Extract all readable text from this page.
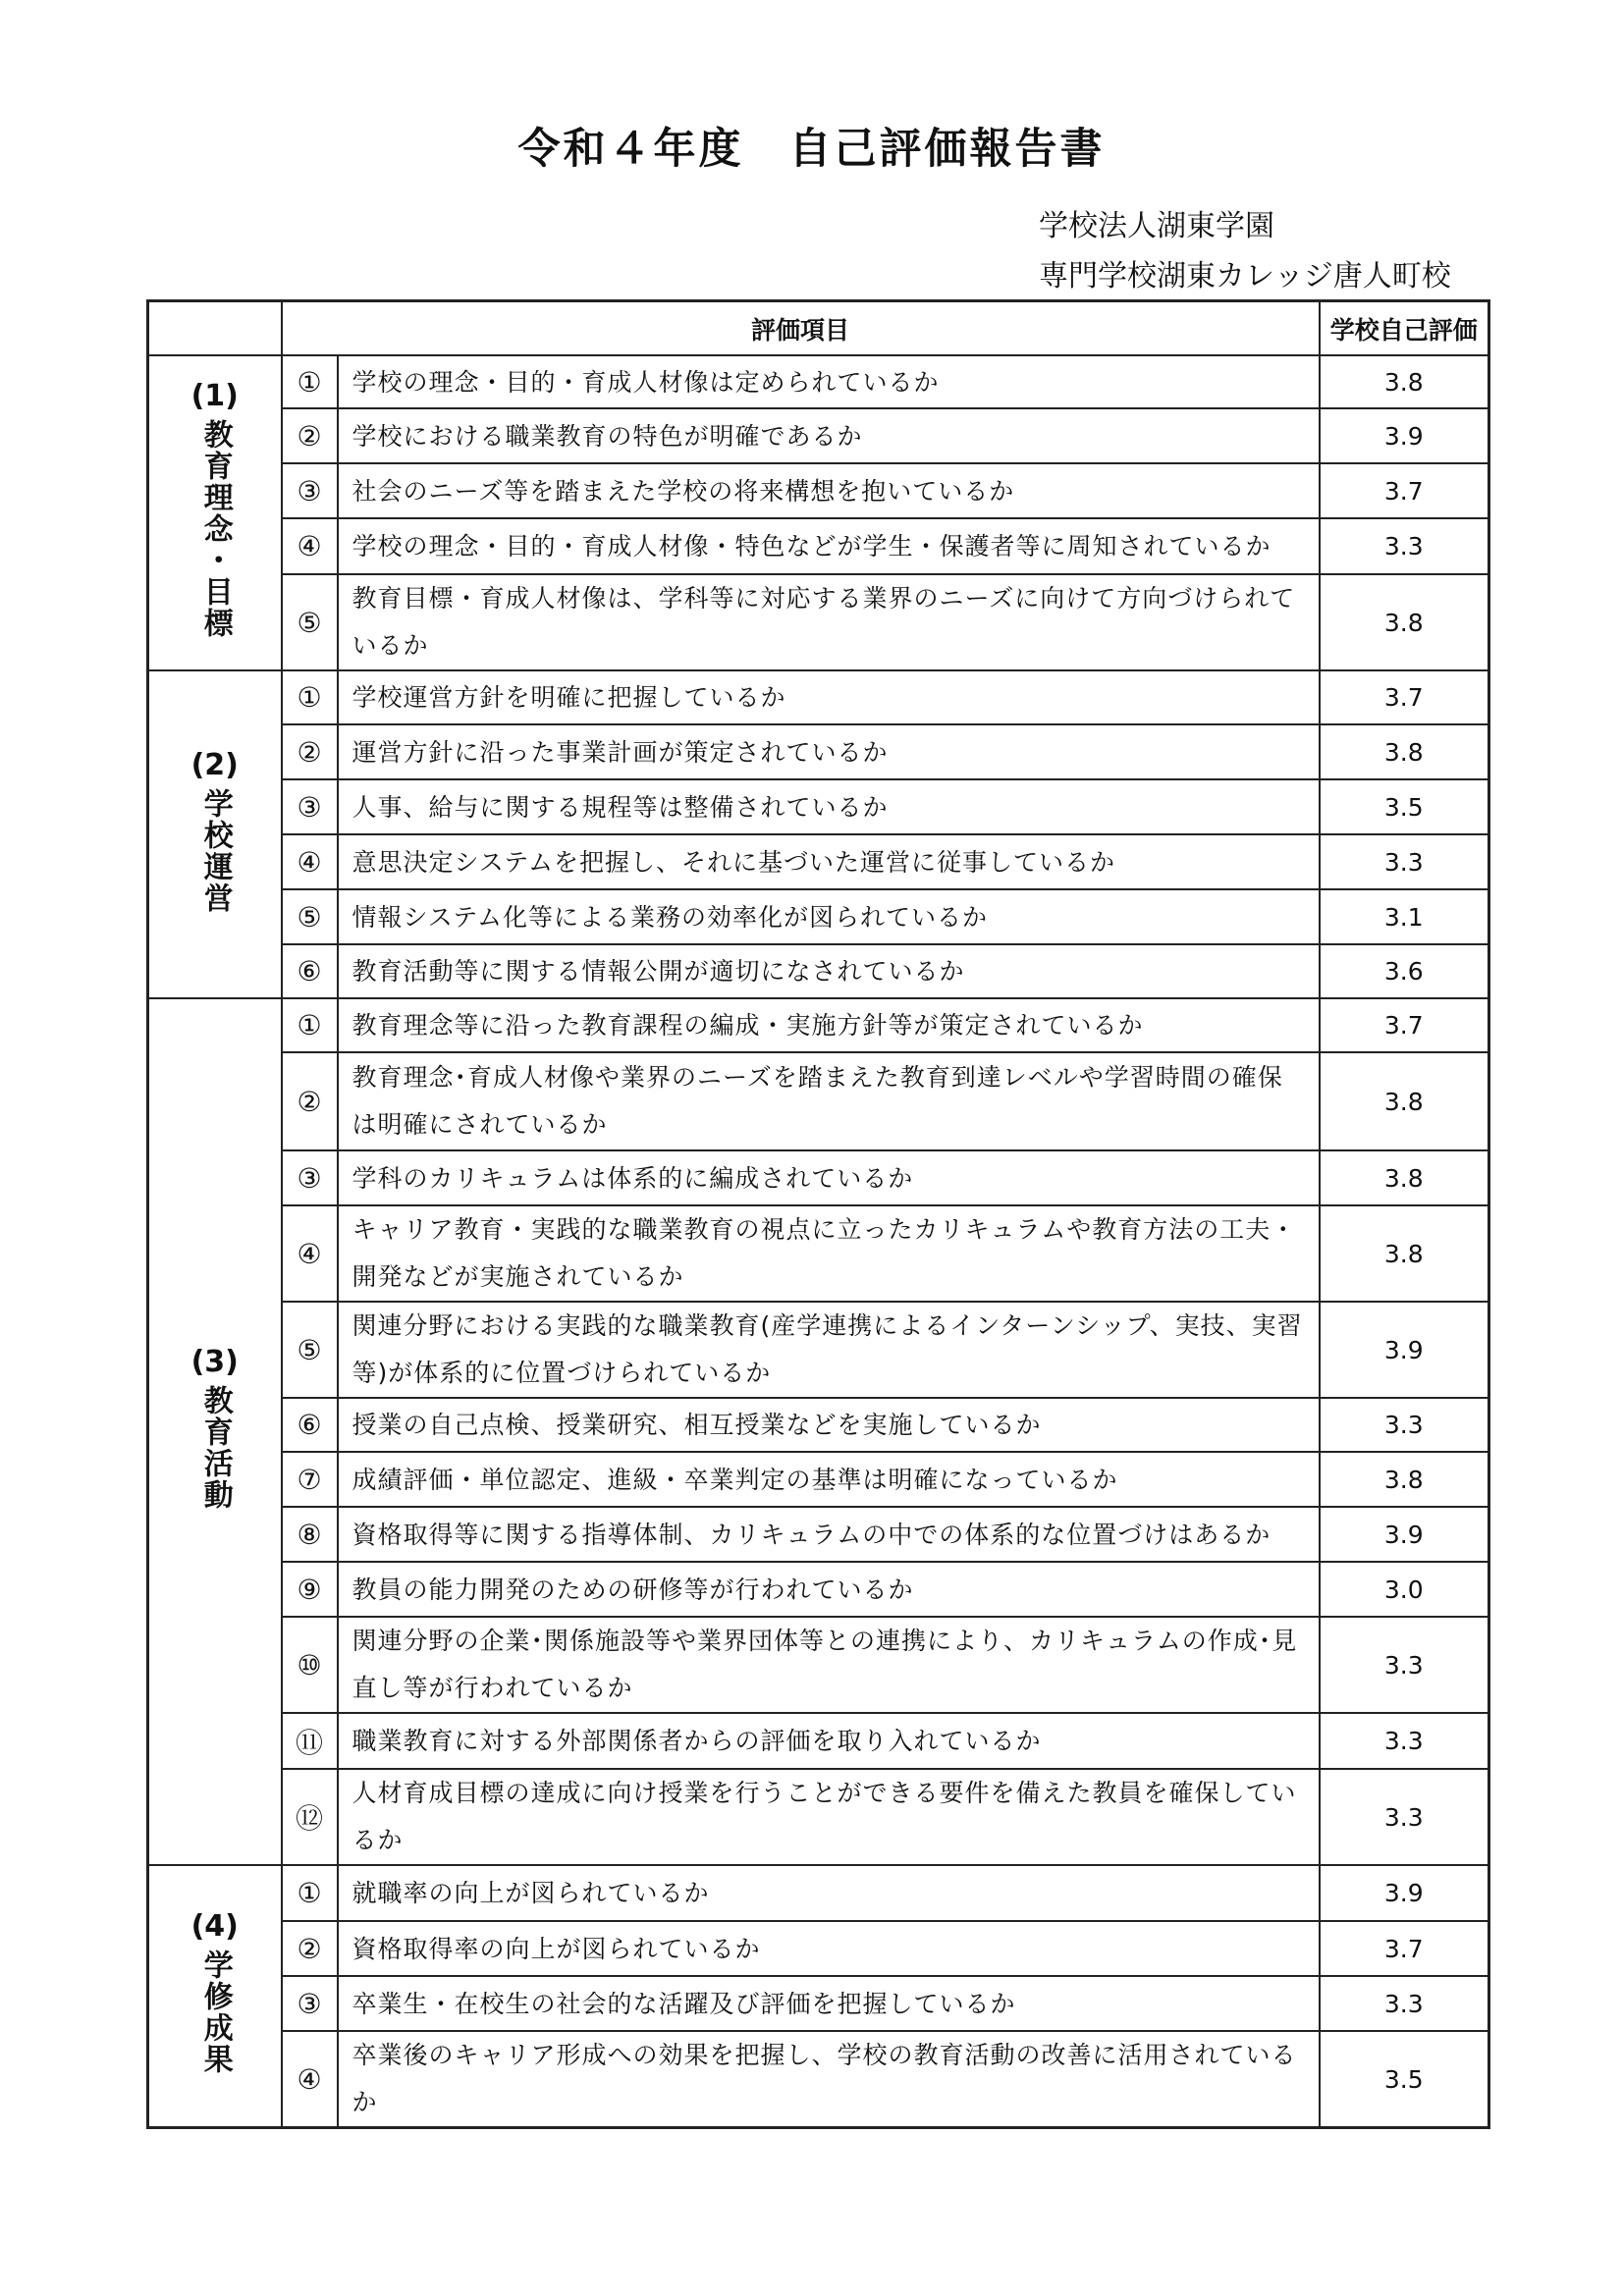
令和４年度　自己評価報告書
学校法人湖東学園
専門学校湖東カレッジ唐人町校
	評価項目		学校自己評価

(1)
教育理念・目標	①	学校の理念・目的・育成人材像は定められているか	3.8
	②	学校における職業教育の特色が明確であるか	3.9
	③	社会のニーズ等を踏まえた学校の将来構想を抱いているか	3.7
	④	学校の理念・目的・育成人材像・特色などが学生・保護者等に周知されているか	3.3
	⑤	教育目標・育成人材像は、学科等に対応する業界のニーズに向けて方向づけられているか	3.8

(2)
学校運営	①	学校運営方針を明確に把握しているか	3.7
	②	運営方針に沿った事業計画が策定されているか	3.8
	③	人事、給与に関する規程等は整備されているか	3.5
	④	意思決定システムを把握し、それに基づいた運営に従事しているか	3.3
	⑤	情報システム化等による業務の効率化が図られているか	3.1
	⑥	教育活動等に関する情報公開が適切になされているか	3.6

(3)
教育活動	①	教育理念等に沿った教育課程の編成・実施方針等が策定されているか	3.7
	②	教育理念･育成人材像や業界のニーズを踏まえた教育到達レベルや学習時間の確保は明確にされているか	3.8
	③	学科のカリキュラムは体系的に編成されているか	3.8
	④	キャリア教育・実践的な職業教育の視点に立ったカリキュラムや教育方法の工夫・開発などが実施されているか	3.8
	⑤	関連分野における実践的な職業教育(産学連携によるインターンシップ、実技、実習等)が体系的に位置づけられているか	3.9
	⑥	授業の自己点検、授業研究、相互授業などを実施しているか	3.3
	⑦	成績評価・単位認定、進級・卒業判定の基準は明確になっているか	3.8
	⑧	資格取得等に関する指導体制、カリキュラムの中での体系的な位置づけはあるか	3.9
	⑨	教員の能力開発のための研修等が行われているか	3.0
	⑩	関連分野の企業･関係施設等や業界団体等との連携により、カリキュラムの作成･見直し等が行われているか	3.3
	⑪	職業教育に対する外部関係者からの評価を取り入れているか	3.3
	⑫	人材育成目標の達成に向け授業を行うことができる要件を備えた教員を確保しているか	3.3

(4)
学修成果	①	就職率の向上が図られているか	3.9
	②	資格取得率の向上が図られているか	3.7
	③	卒業生・在校生の社会的な活躍及び評価を把握しているか	3.3
	④	卒業後のキャリア形成への効果を把握し、学校の教育活動の改善に活用されているか	3.5
